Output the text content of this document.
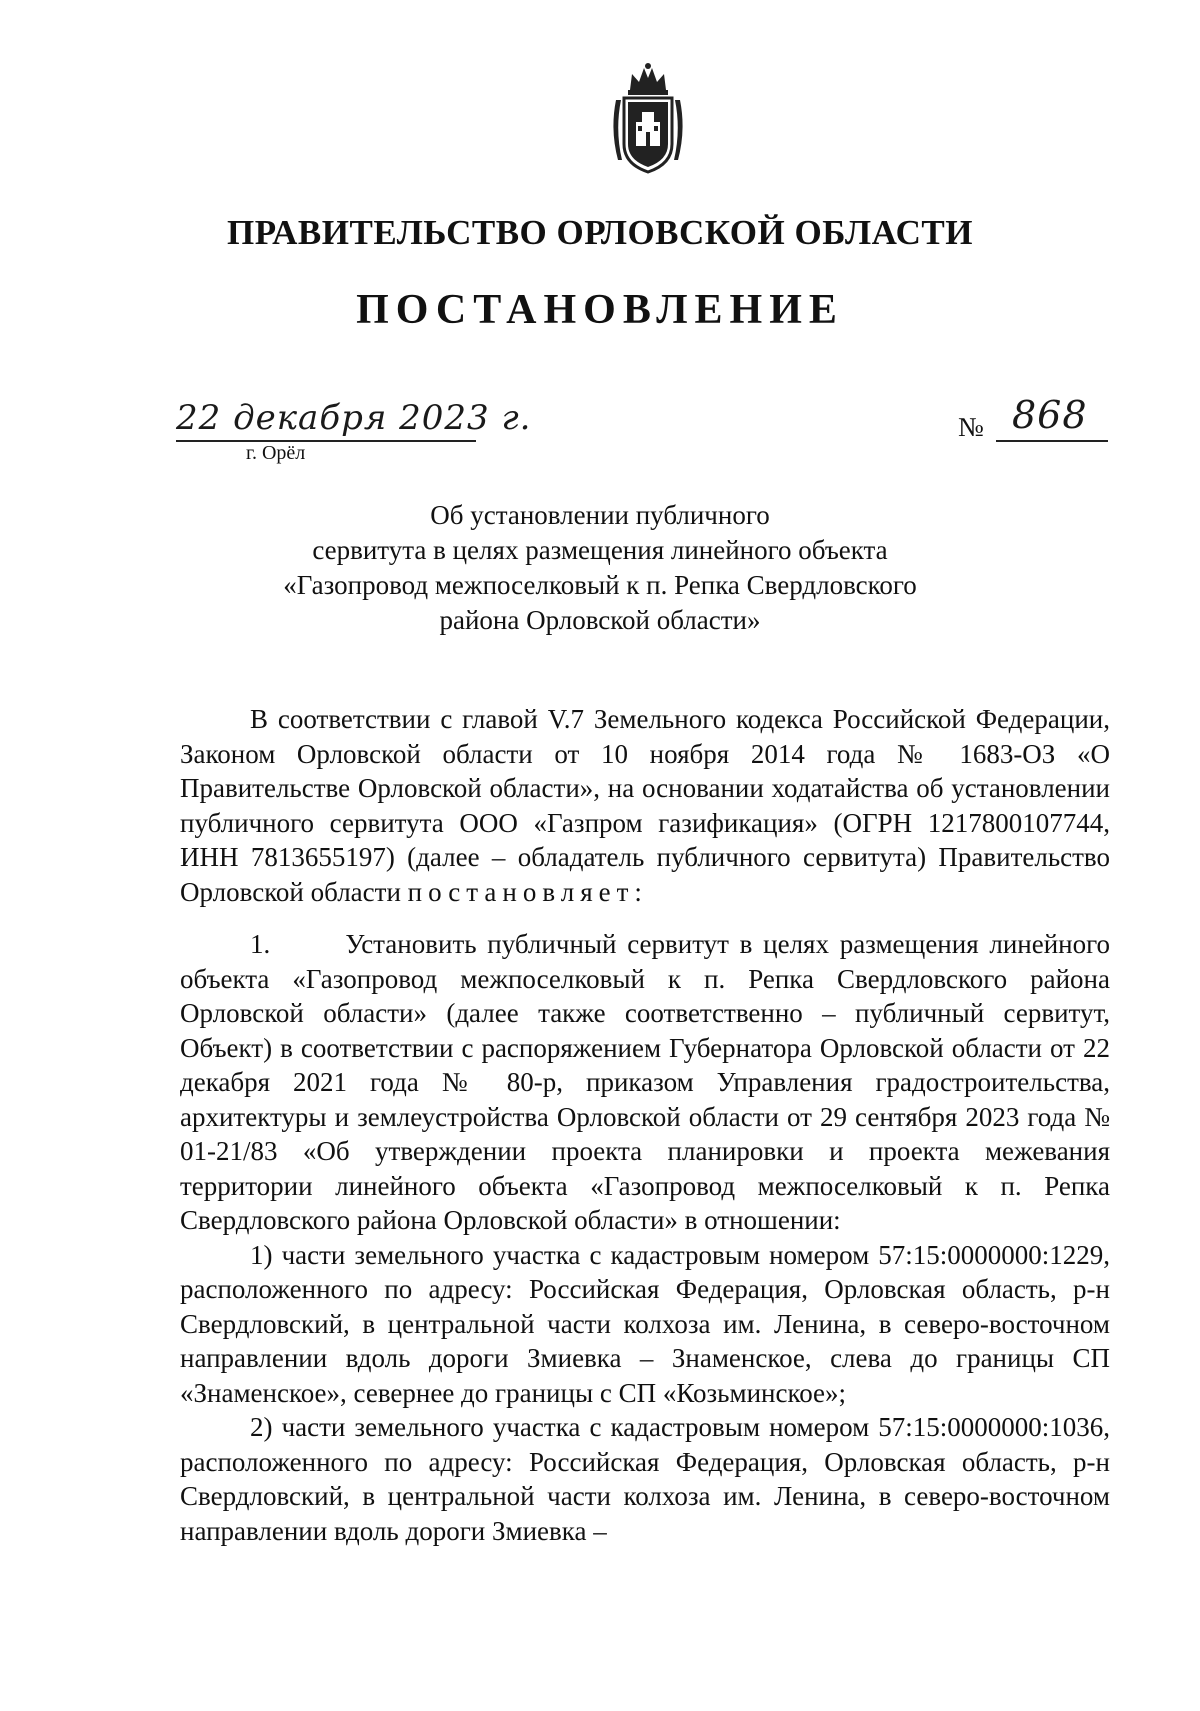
ПРАВИТЕЛЬСТВО ОРЛОВСКОЙ ОБЛАСТИ
ПОСТАНОВЛЕНИЕ
22 декабря 2023 г.
г. Орёл
№ 868
Об установлении публичного
сервитута в целях размещения линейного объекта
«Газопровод межпоселковый к п. Репка Свердловского
района Орловской области»

В соответствии с главой V.7 Земельного кодекса Российской Федерации, Законом Орловской области от 10 ноября 2014 года № 1683-ОЗ «О Правительстве Орловской области», на основании ходатайства об установлении публичного сервитута ООО «Газпром газификация» (ОГРН 1217800107744, ИНН 7813655197) (далее – обладатель публичного сервитута) Правительство Орловской области постановляет:

1.       Установить публичный сервитут в целях размещения линейного объекта «Газопровод межпоселковый к п. Репка Свердловского района Орловской области» (далее также соответственно – публичный сервитут, Объект) в соответствии с распоряжением Губернатора Орловской области от 22 декабря 2021 года № 80-р, приказом Управления градостроительства, архитектуры и землеустройства Орловской области от 29 сентября 2023 года № 01-21/83 «Об утверждении проекта планировки и проекта межевания территории линейного объекта «Газопровод межпоселковый к п. Репка Свердловского района Орловской области» в отношении:

1) части земельного участка с кадастровым номером 57:15:0000000:1229, расположенного по адресу: Российская Федерация, Орловская область, р-н Свердловский, в центральной части колхоза им. Ленина, в северо-восточном направлении вдоль дороги Змиевка – Знаменское, слева до границы СП «Знаменское», севернее до границы с СП «Козьминское»;

2) части земельного участка с кадастровым номером 57:15:0000000:1036, расположенного по адресу: Российская Федерация, Орловская область, р-н Свердловский, в центральной части колхоза им. Ленина, в северо-восточном направлении вдоль дороги Змиевка –
